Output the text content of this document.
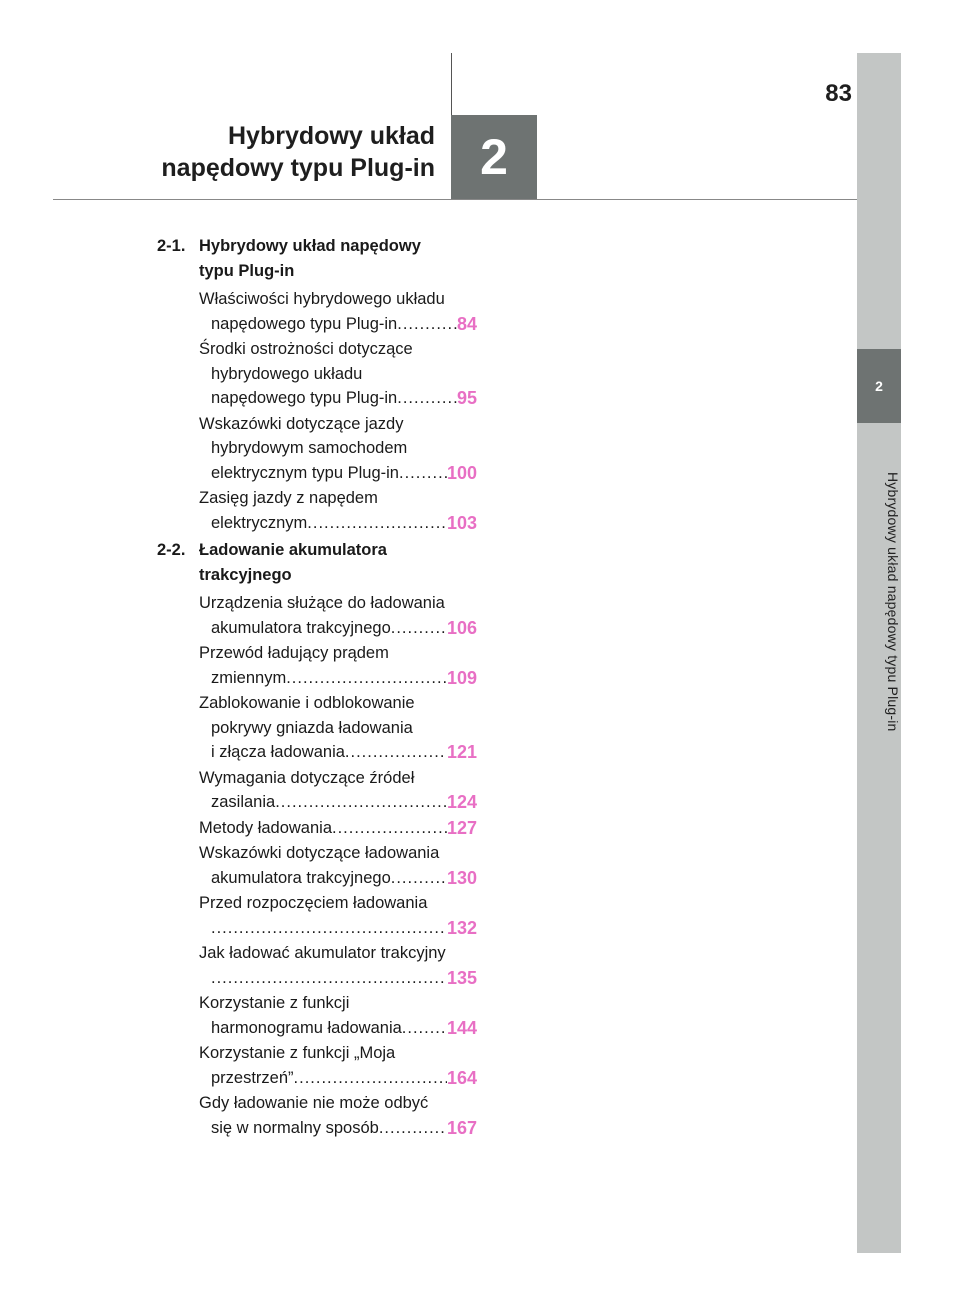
2
Hybrydowy układ napędowy typu Plug-in
83
Hybrydowy układ
napędowy typu Plug-in 2
2-1. Hybrydowy układ napędowy
typu Plug-in
Właściwości hybrydowego układu
napędowego typu Plug-in .....	84
Środki ostrożności dotyczące
hybrydowego układu
napędowego typu Plug-in .....	95
Wskazówki dotyczące jazdy
hybrydowym samochodem
elektrycznym typu Plug-in .....	100
Zasięg jazdy z napędem
elektrycznym .....	103
2-2. Ładowanie akumulatora
trakcyjnego
Urządzenia służące do ładowania
akumulatora trakcyjnego .....	106
Przewód ładujący prądem
zmiennym .....	109
Zablokowanie i odblokowanie
pokrywy gniazda ładowania
i złącza ładowania .....	121
Wymagania dotyczące źródeł
zasilania .....	124
Metody ładowania .....	127
Wskazówki dotyczące ładowania
akumulatora trakcyjnego .....	130
Przed rozpoczęciem ładowania
.....
132
Jak ładować akumulator trakcyjny
.....
135
Korzystanie z funkcji
harmonogramu ładowania .....	144
Korzystanie z funkcji „Moja
przestrzeń” .....	164
Gdy ładowanie nie może odbyć
się w normalny sposób .....	167
